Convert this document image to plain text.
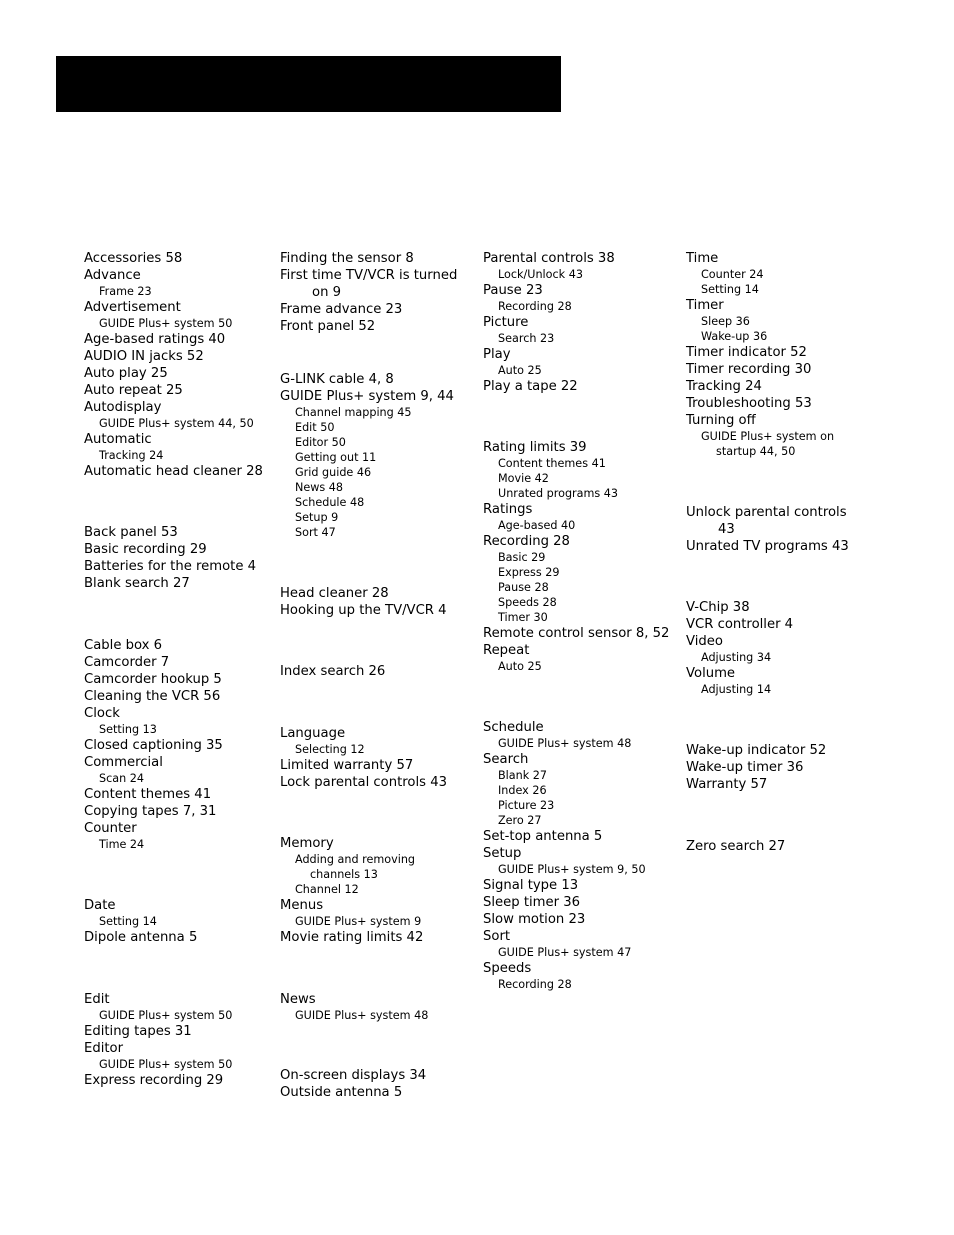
Accessories 58
Advance
Frame 23
Advertisement
GUIDE Plus+ system 50
Age-based ratings 40
AUDIO IN jacks 52
Auto play 25
Auto repeat 25
Autodisplay
GUIDE Plus+ system 44, 50
Automatic
Tracking 24
Automatic head cleaner 28
Back panel 53
Basic recording 29
Batteries for the remote 4
Blank search 27
Cable box 6
Camcorder 7
Camcorder hookup 5
Cleaning the VCR 56
Clock
Setting 13
Closed captioning 35
Commercial
Scan 24
Content themes 41
Copying tapes 7, 31
Counter
Time 24
Date
Setting 14
Dipole antenna 5
Edit
GUIDE Plus+ system 50
Editing tapes 31
Editor
GUIDE Plus+ system 50
Express recording 29
Finding the sensor 8
First time TV/VCR is turned
on 9
Frame advance 23
Front panel 52
G-LINK cable 4, 8
GUIDE Plus+ system 9, 44
Channel mapping 45
Edit 50
Editor 50
Getting out 11
Grid guide 46
News 48
Schedule 48
Setup 9
Sort 47
Head cleaner 28
Hooking up the TV/VCR 4
Index search 26
Language
Selecting 12
Limited warranty 57
Lock parental controls 43
Memory
Adding and removing
channels 13
Channel 12
Menus
GUIDE Plus+ system 9
Movie rating limits 42
News
GUIDE Plus+ system 48
On-screen displays 34
Outside antenna 5
Parental controls 38
Lock/Unlock 43
Pause 23
Recording 28
Picture
Search 23
Play
Auto 25
Play a tape 22
Rating limits 39
Content themes 41
Movie 42
Unrated programs 43
Ratings
Age-based 40
Recording 28
Basic 29
Express 29
Pause 28
Speeds 28
Timer 30
Remote control sensor 8, 52
Repeat
Auto 25
Schedule
GUIDE Plus+ system 48
Search
Blank 27
Index 26
Picture 23
Zero 27
Set-top antenna 5
Setup
GUIDE Plus+ system 9, 50
Signal type 13
Sleep timer 36
Slow motion 23
Sort
GUIDE Plus+ system 47
Speeds
Recording 28
Time
Counter 24
Setting 14
Timer
Sleep 36
Wake-up 36
Timer indicator 52
Timer recording 30
Tracking 24
Troubleshooting 53
Turning off
GUIDE Plus+ system on
startup 44, 50
Unlock parental controls
43
Unrated TV programs 43
V-Chip 38
VCR controller 4
Video
Adjusting 34
Volume
Adjusting 14
Wake-up indicator 52
Wake-up timer 36
Warranty 57
Zero search 27
